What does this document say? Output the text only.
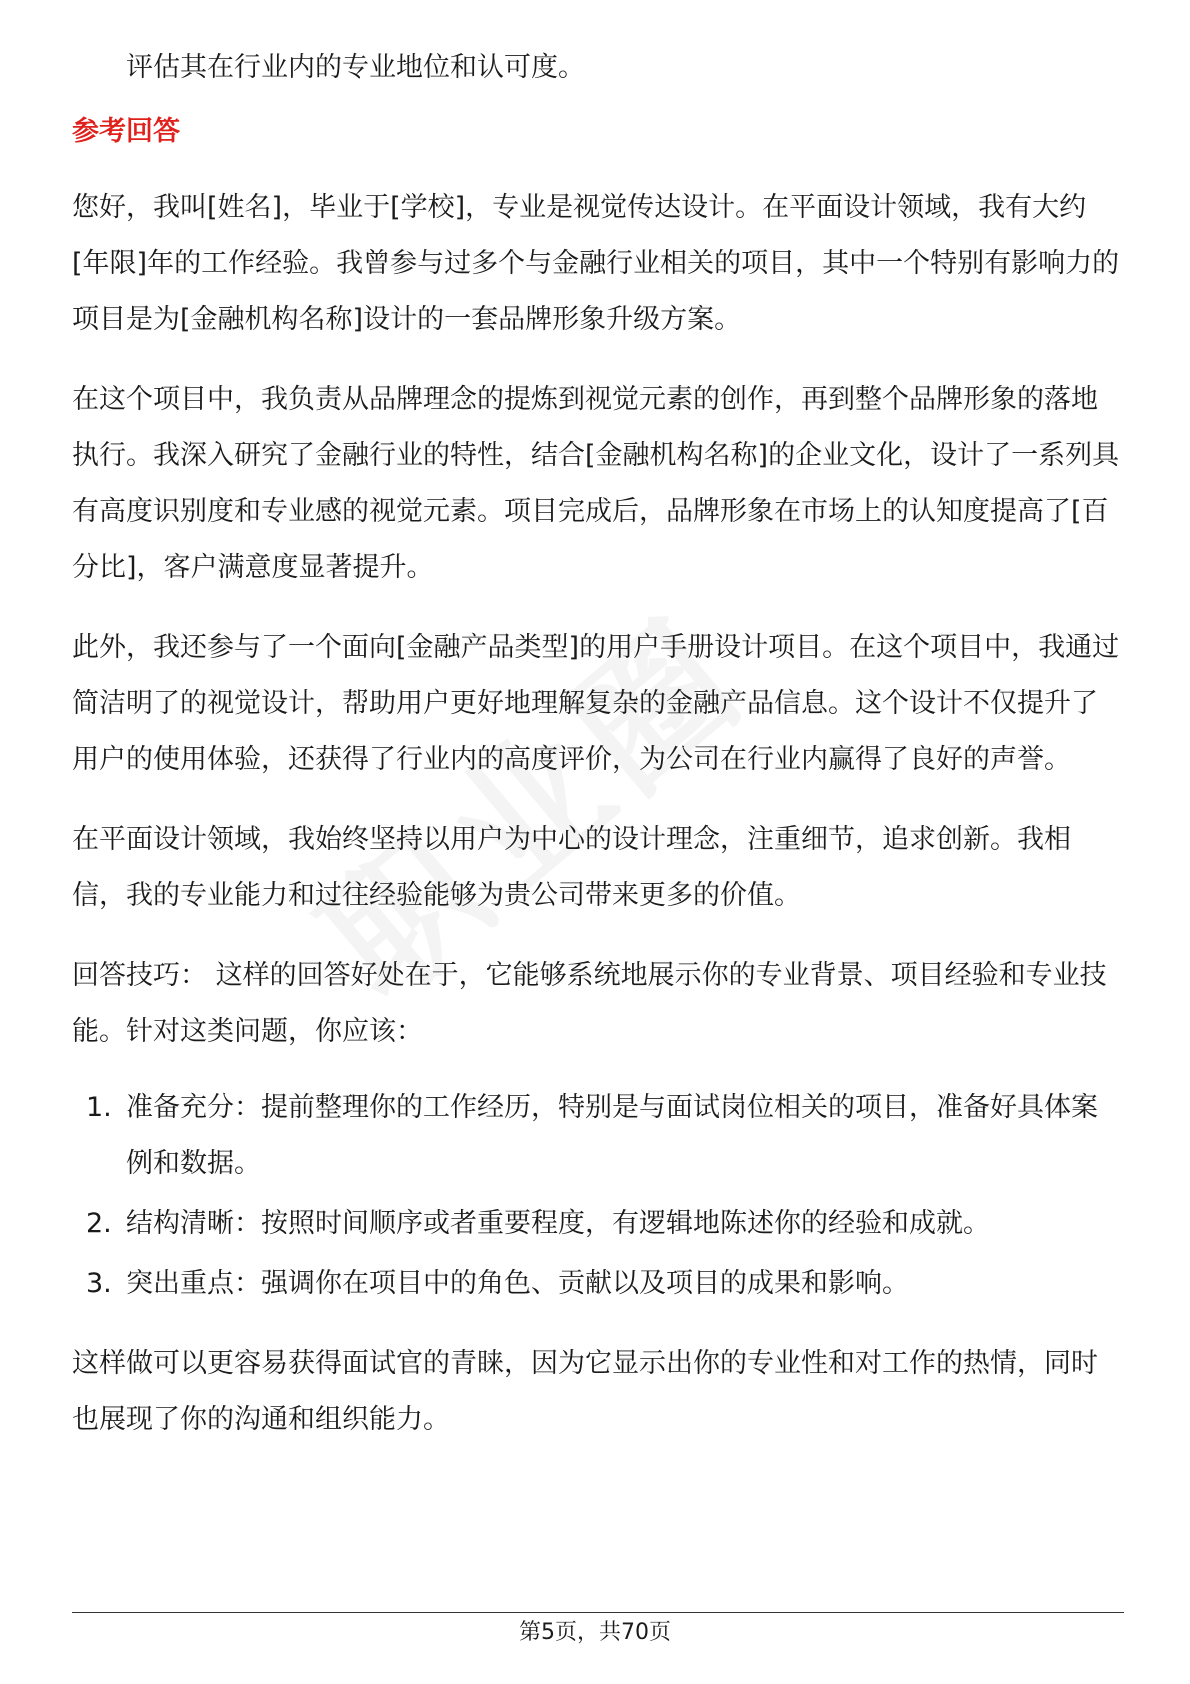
评估其在行业内的专业地位和认可度。

参考回答

您好，我叫[姓名]，毕业于[学校]，专业是视觉传达设计。在平面设计领域，我有大约[年限]年的工作经验。我曾参与过多个与金融行业相关的项目，其中一个特别有影响力的项目是为[金融机构名称]设计的一套品牌形象升级方案。

在这个项目中，我负责从品牌理念的提炼到视觉元素的创作，再到整个品牌形象的落地执行。我深入研究了金融行业的特性，结合[金融机构名称]的企业文化，设计了一系列具有高度识别度和专业感的视觉元素。项目完成后，品牌形象在市场上的认知度提高了[百分比]，客户满意度显著提升。

此外，我还参与了一个面向[金融产品类型]的用户手册设计项目。在这个项目中，我通过简洁明了的视觉设计，帮助用户更好地理解复杂的金融产品信息。这个设计不仅提升了用户的使用体验，还获得了行业内的高度评价，为公司在行业内赢得了良好的声誉。

在平面设计领域，我始终坚持以用户为中心的设计理念，注重细节，追求创新。我相信，我的专业能力和过往经验能够为贵公司带来更多的价值。

回答技巧： 这样的回答好处在于，它能够系统地展示你的专业背景、项目经验和专业技能。针对这类问题，你应该：

1. 准备充分：提前整理你的工作经历，特别是与面试岗位相关的项目，准备好具体案例和数据。
2. 结构清晰：按照时间顺序或者重要程度，有逻辑地陈述你的经验和成就。
3. 突出重点：强调你在项目中的角色、贡献以及项目的成果和影响。

这样做可以更容易获得面试官的青睐，因为它显示出你的专业性和对工作的热情，同时也展现了你的沟通和组织能力。

第5页，共70页
